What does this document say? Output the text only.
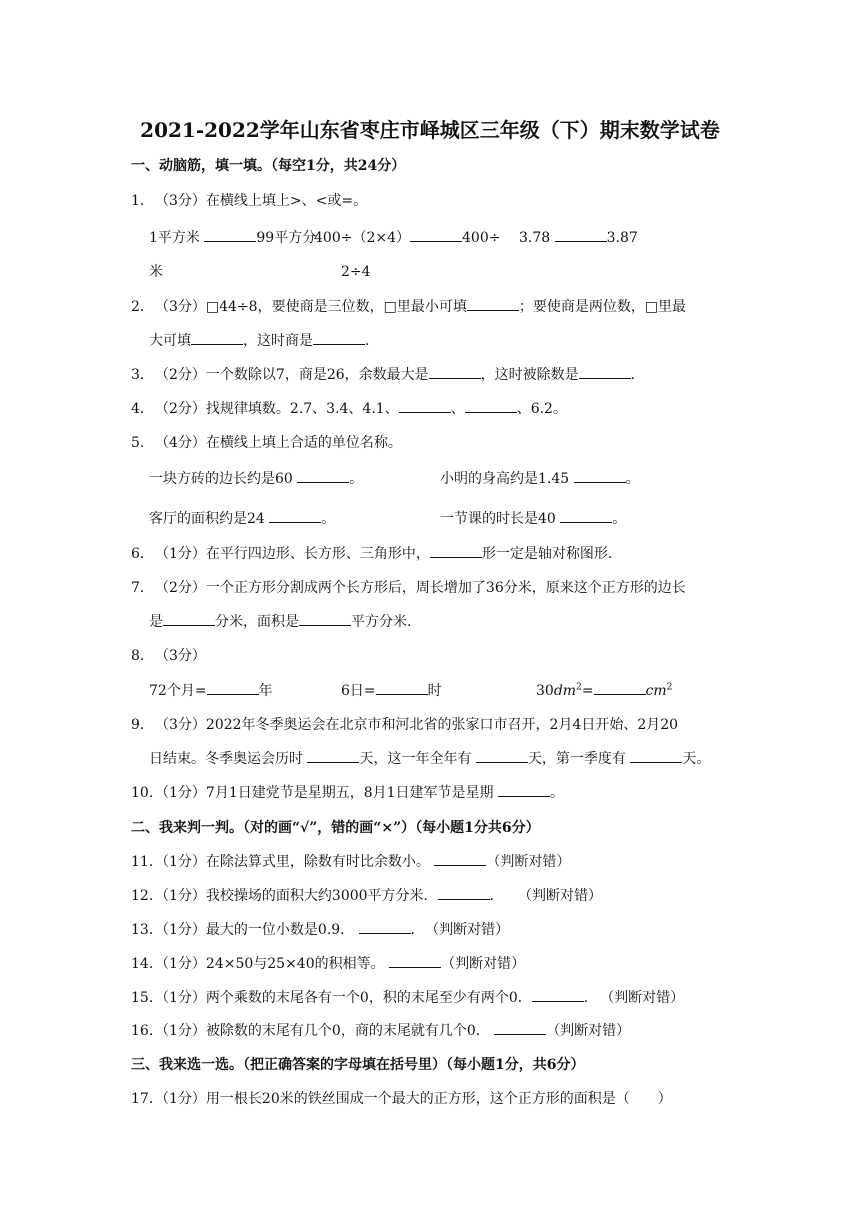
2021-2022学年山东省枣庄市峄城区三年级（下）期末数学试卷
一、动脑筋，填一填。（每空1分，共24分）
1．（3分）在横线上填上>、<或=。
1平方米	99平方分
米
400÷（2×4）	400÷
2÷4
3.78	3.87
2．（3分）□44÷8，要使商是三位数，□里最小可填	；要使商是两位数，□里最
大可填	，这时商是	.
3．（2分）一个数除以7，商是26，余数最大是	，这时被除数是	.
4．（2分）找规律填数。2.7、3.4、4.1、	、	、6.2。
5．（4分）在横线上填上合适的单位名称。
一块方砖的边长约是60	。	小明的身高约是1.45	。
客厅的面积约是24	。	一节课的时长是40	。
6．（1分）在平行四边形、长方形、三角形中，	形一定是轴对称图形.
7．（2分）一个正方形分割成两个长方形后，周长增加了36分米，原来这个正方形的边长
是	分米，面积是	平方分米.
8．（3分）
72个月=	年	6日=	时	$30dm^2=$	$cm^2$
9．（3分）2022年冬季奥运会在北京市和河北省的张家口市召开，2月4日开始、2月20
日结束。冬季奥运会历时	天，这一年全年有	天，第一季度有	天。
10．（1分）7月1日建党节是星期五，8月1日建军节是星期	。
二、我来判一判。（对的画“√”，错的画“×”）（每小题1分共6分）
11．（1分）在除法算式里，除数有时比余数小。	（判断对错）
12．（1分）我校操场的面积大约3000平方分米．	. （判断对错）
13．（1分）最大的一位小数是0.9．	. （判断对错）
14．（1分）24×50与25×40的积相等。	（判断对错）
15．（1分）两个乘数的末尾各有一个0，积的末尾至少有两个0．	. （判断对错）
16．（1分）被除数的末尾有几个0，商的末尾就有几个0．	（判断对错）
三、我来选一选。（把正确答案的字母填在括号里）（每小题1分，共6分）
17．（1分）用一根长20米的铁丝围成一个最大的正方形，这个正方形的面积是（　　）
